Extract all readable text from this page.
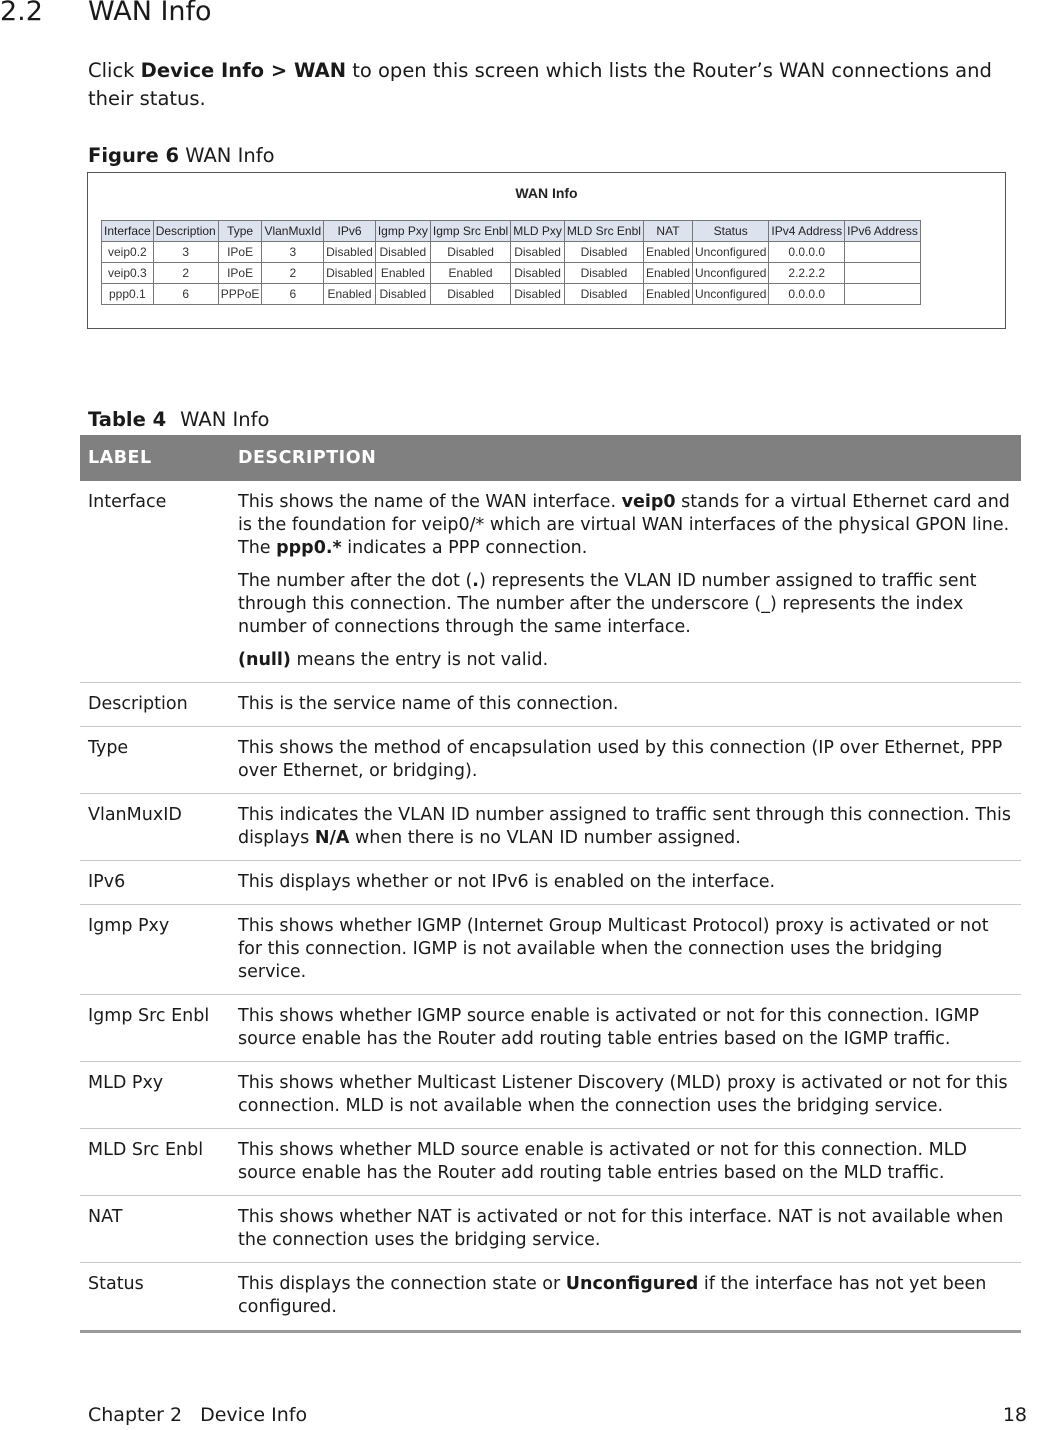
2.2 WAN Info
Click Device Info > WAN to open this screen which lists the Router’s WAN connections and their status.
Figure 6 WAN Info
WAN Info
Interface	Description	Type	VlanMuxId	IPv6	Igmp Pxy	Igmp Src Enbl	MLD Pxy	MLD Src Enbl	NAT	Status	IPv4 Address	IPv6 Address
veip0.2	3	IPoE	3	Disabled	Disabled	Disabled	Disabled	Disabled	Enabled	Unconfigured	0.0.0.0	
veip0.3	2	IPoE	2	Disabled	Enabled	Enabled	Disabled	Disabled	Enabled	Unconfigured	2.2.2.2	
ppp0.1	6	PPPoE	6	Enabled	Disabled	Disabled	Disabled	Disabled	Enabled	Unconfigured	0.0.0.0	
Table 4 WAN Info
LABEL	DESCRIPTION
Interface	This shows the name of the WAN interface. veip0 stands for a virtual Ethernet card and is the foundation for veip0/* which are virtual WAN interfaces of the physical GPON line. The ppp0.* indicates a PPP connection.

The number after the dot (.) represents the VLAN ID number assigned to traffic sent through this connection. The number after the underscore (_) represents the index number of connections through the same interface.

(null) means the entry is not valid.

Description	This is the service name of this connection.

Type	This shows the method of encapsulation used by this connection (IP over Ethernet, PPP over Ethernet, or bridging).

VlanMuxID	This indicates the VLAN ID number assigned to traffic sent through this connection. This displays N/A when there is no VLAN ID number assigned.

IPv6	This displays whether or not IPv6 is enabled on the interface.

Igmp Pxy	This shows whether IGMP (Internet Group Multicast Protocol) proxy is activated or not for this connection. IGMP is not available when the connection uses the bridging service.

Igmp Src Enbl	This shows whether IGMP source enable is activated or not for this connection. IGMP source enable has the Router add routing table entries based on the IGMP traffic.

MLD Pxy	This shows whether Multicast Listener Discovery (MLD) proxy is activated or not for this connection. MLD is not available when the connection uses the bridging service.

MLD Src Enbl	This shows whether MLD source enable is activated or not for this connection. MLD source enable has the Router add routing table entries based on the MLD traffic.

NAT	This shows whether NAT is activated or not for this interface. NAT is not available when the connection uses the bridging service.

Status	This displays the connection state or Unconfigured if the interface has not yet been configured.

Chapter 2 Device Info	18
